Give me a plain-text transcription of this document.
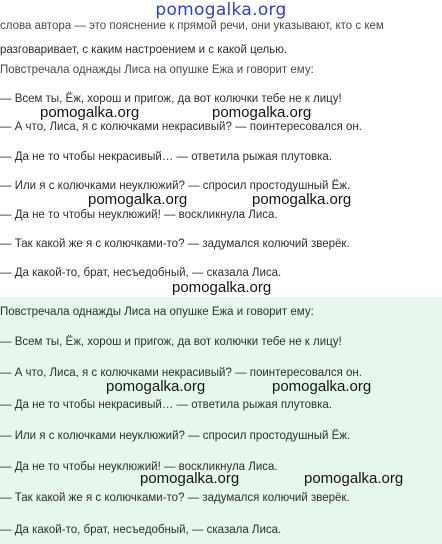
pomogalka.org
слова автора — это пояснение к прямой речи, они указывают, кто с кем
разговаривает, с каким настроением и с какой целью.
Повстречала однажды Лиса на опушке Ежа и говорит ему:
— Всем ты, Ёж, хорош и пригож, да вот колючки тебе не к лицу!
— А что, Лиса, я с колючками некрасивый? — поинтересовался он.
— Да не то чтобы некрасивый… — ответила рыжая плутовка.
— Или я с колючками неуклюжий? — спросил простодушный Ёж.
— Да не то чтобы неуклюжий! — воскликнула Лиса.
— Так какой же я с колючками-то? — задумался колючий зверёк.
— Да какой-то, брат, несъедобный, — сказала Лиса.
Повстречала однажды Лиса на опушке Ежа и говорит ему:
— Всем ты, Ёж, хорош и пригож, да вот колючки тебе не к лицу!
— А что, Лиса, я с колючками некрасивый? — поинтересовался он.
— Да не то чтобы некрасивый… — ответила рыжая плутовка.
— Или я с колючками неуклюжий? — спросил простодушный Ёж.
— Да не то чтобы неуклюжий! — воскликнула Лиса.
— Так какой же я с колючками-то? — задумался колючий зверёк.
— Да какой-то, брат, несъедобный, — сказала Лиса.
pomogalka.org	pomogalka.org
pomogalka.org	pomogalka.org
pomogalka.org
pomogalka.org	pomogalka.org
pomogalka.org	pomogalka.org
